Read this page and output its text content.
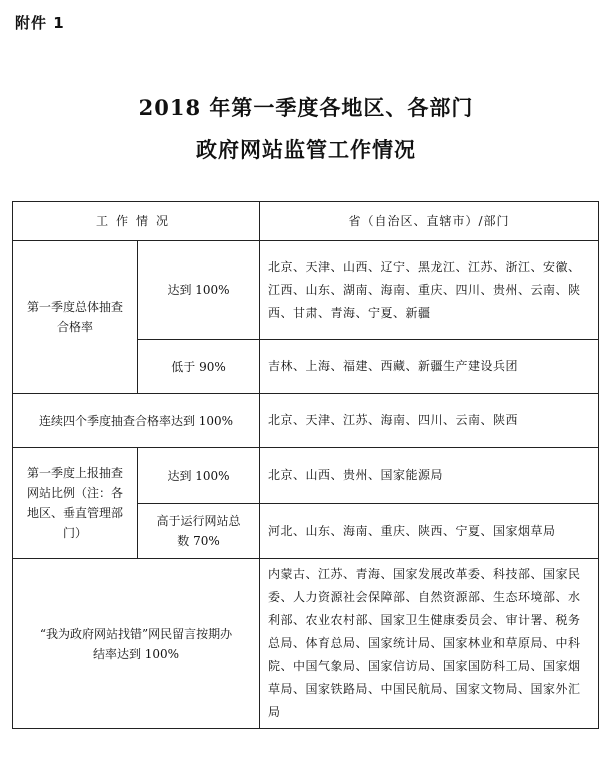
附件 1
2018 年第一季度各地区、各部门
政府网站监管工作情况
工作情况		省（自治区、直辖市）/部门
第一季度总体抽查合格率	达到 100%	北京、天津、山西、辽宁、黑龙江、江苏、浙江、安徽、江西、山东、湖南、海南、重庆、四川、贵州、云南、陕西、甘肃、青海、宁夏、新疆
	低于 90%	吉林、上海、福建、西藏、新疆生产建设兵团
连续四个季度抽查合格率达到 100%		北京、天津、江苏、海南、四川、云南、陕西
第一季度上报抽查网站比例（注：各地区、垂直管理部门）	达到 100%	北京、山西、贵州、国家能源局
	高于运行网站总数 70%	河北、山东、海南、重庆、陕西、宁夏、国家烟草局
“我为政府网站找错”网民留言按期办结率达到 100%		内蒙古、江苏、青海、国家发展改革委、科技部、国家民委、人力资源社会保障部、自然资源部、生态环境部、水利部、农业农村部、国家卫生健康委员会、审计署、税务总局、体育总局、国家统计局、国家林业和草原局、中科院、中国气象局、国家信访局、国家国防科工局、国家烟草局、国家铁路局、中国民航局、国家文物局、国家外汇局
